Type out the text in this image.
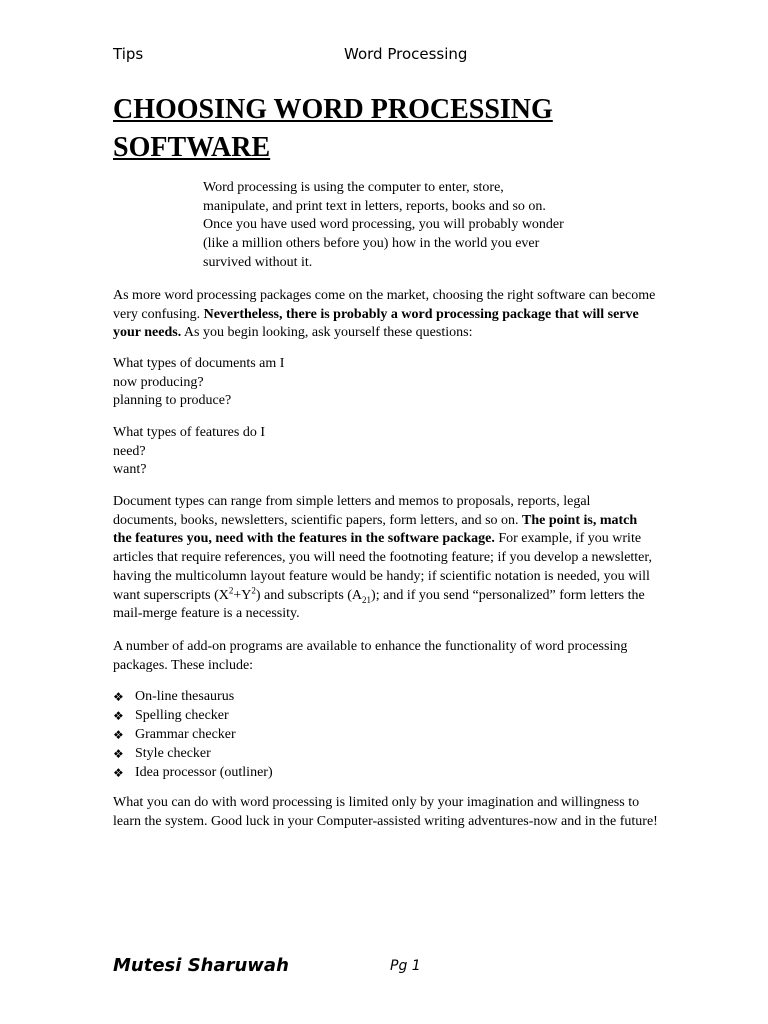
Tips	Word Processing
CHOOSING WORD PROCESSING
SOFTWARE
Word processing is using the computer to enter, store,
manipulate, and print text in letters, reports, books and so on.
Once you have used word processing, you will probably wonder
(like a million others before you) how in the world you ever
survived without it.

As more word processing packages come on the market, choosing the right software can become very confusing. Nevertheless, there is probably a word processing package that will serve your needs. As you begin looking, ask yourself these questions:

What types of documents am I
now producing?
planning to produce?
What types of features do I
need?
want?

Document types can range from simple letters and memos to proposals, reports, legal documents, books, newsletters, scientific papers, form letters, and so on. The point is, match the features you, need with the features in the software package. For example, if you write articles that require references, you will need the footnoting feature; if you develop a newsletter, having the multicolumn layout feature would be handy; if scientific notation is needed, you will want superscripts $(X^2+Y^2)$ and subscripts $(A_{21})$; and if you send “personalized” form letters the mail-merge feature is a necessity.

A number of add-on programs are available to enhance the functionality of word processing packages. These include:

❖ On-line thesaurus
❖ Spelling checker
❖ Grammar checker
❖ Style checker
❖ Idea processor (outliner)

What you can do with word processing is limited only by your imagination and willingness to learn the system. Good luck in your Computer-assisted writing adventures-now and in the future!

Mutesi Sharuwah	Pg 1
